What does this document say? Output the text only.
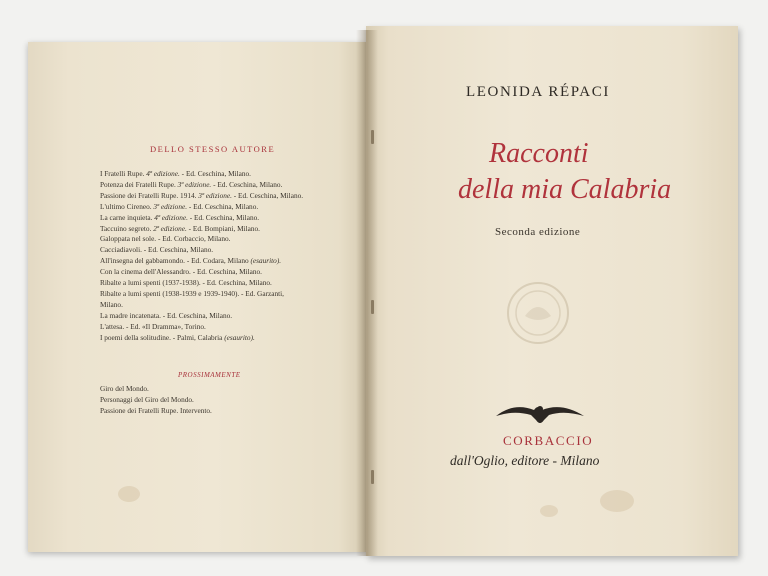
DELLO STESSO AUTORE
I Fratelli Rupe. 4ª edizione. - Ed. Ceschina, Milano.
Potenza dei Fratelli Rupe. 3ª edizione. - Ed. Ceschina, Milano.
Passione dei Fratelli Rupe. 1914. 3ª edizione. - Ed. Ceschina, Milano.
L'ultimo Cireneo. 3ª edizione. - Ed. Ceschina, Milano.
La carne inquieta. 4ª edizione. - Ed. Ceschina, Milano.
Taccuino segreto. 2ª edizione. - Ed. Bompiani, Milano.
Galoppata nel sole. - Ed. Corbaccio, Milano.
Cacciadiavoli. - Ed. Ceschina, Milano.
All'insegna del gabbamondo. - Ed. Codara, Milano (esaurito).
Con la cinema dell'Alessandro. - Ed. Ceschina, Milano.
Ribalte a lumi spenti (1937-1938). - Ed. Ceschina, Milano.
Ribalte a lumi spenti (1938-1939 e 1939-1940). - Ed. Garzanti,
Milano.
La madre incatenata. - Ed. Ceschina, Milano.
L'attesa. - Ed. «Il Dramma», Torino.
I poemi della solitudine. - Palmi, Calabria (esaurito).
PROSSIMAMENTE
Giro del Mondo.
Personaggi del Giro del Mondo.
Passione dei Fratelli Rupe. Intervento.
LEONIDA RÉPACI
Racconti
della mia Calabria
Seconda edizione
CORBACCIO
dall'Oglio, editore - Milano
